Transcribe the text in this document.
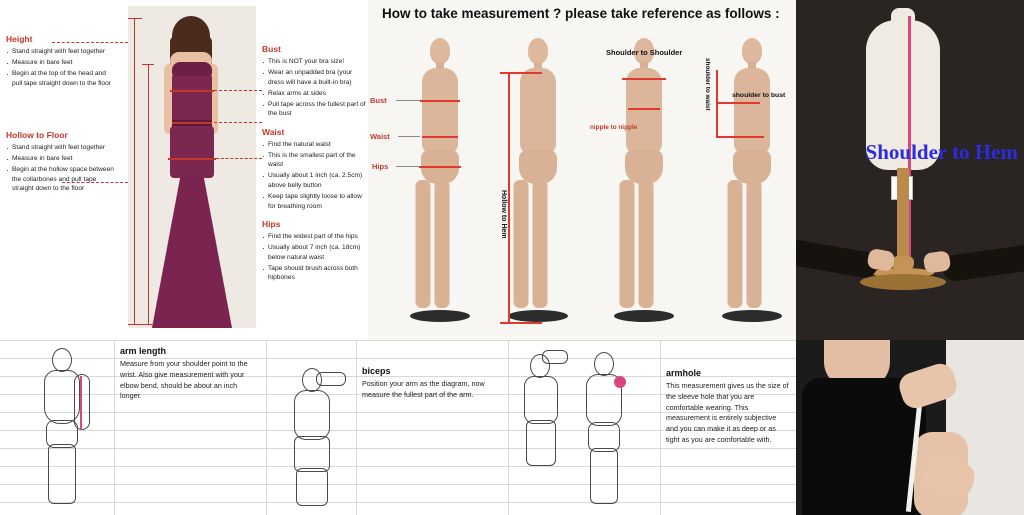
Height
· Stand straight with feet together
· Measure in bare feet
· Begin at the top of the head and pull tape straight down to the floor
Hollow to Floor
· Stand straight with feet together
· Measure in bare feet
· Begin at the hollow space between the collarbones and pull tape straight down to the floor
Bust
· This is NOT your bra size!
· Wear an unpadded bra (your dress will have a built-in bra)
· Relax arms at sides
· Pull tape across the fullest part of the bust
Waist
· Find the natural waist
· This is the smallest part of the waist
· Usually about 1 inch (ca. 2.5cm) above belly button
· Keep tape slightly loose to allow for breathing room
Hips
· Find the widest part of the hips
· Usually about 7 inch (ca. 18cm) below natural waist
· Tape should brush across both hipbones
How to take measurement ? please take reference as follows :
Bust
Waist
Hips
Hollow to Hem
Shoulder to Shoulder
nipple to nipple
shoulder to waist	shoulder to bust
Shoulder to Hem
arm length

Measure from your shoulder point to the wrist. Also give measurement with your elbow bend, should be about an inch longer.

biceps

Position your arm as the diagram, now measure the fullest part of the arm.

armhole

This measurement gives us the size of the sleeve hole that you are comfortable wearing. This measurement is entirely subjective and you can make it as deep or as tight as you are comfortable with.
